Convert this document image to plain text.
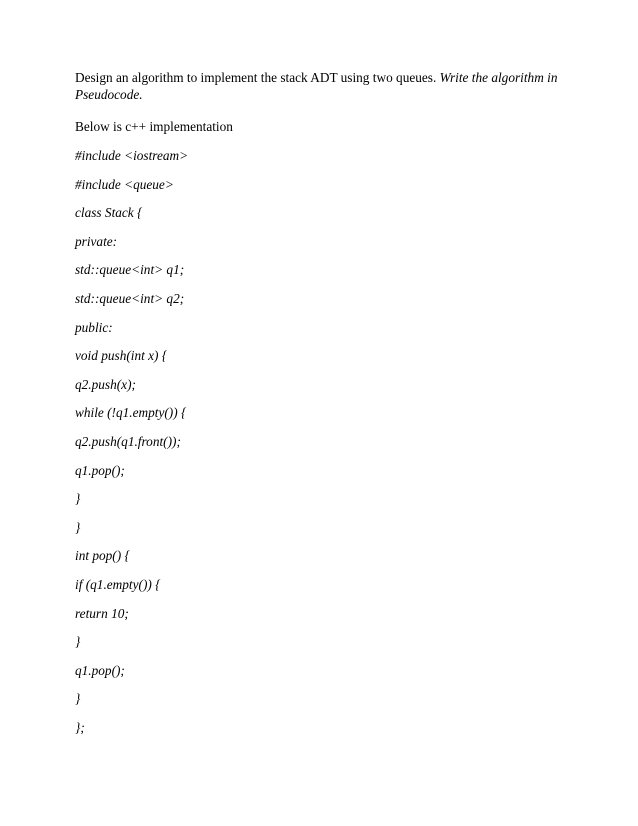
Design an algorithm to implement the stack ADT using two queues. Write the algorithm in Pseudocode.

Below is c++ implementation

#include <iostream>
#include <queue>
class Stack {
private:
std::queue<int> q1;
std::queue<int> q2;
public:
void push(int x) {
q2.push(x);
while (!q1.empty()) {
q2.push(q1.front());
q1.pop();
}
}
int pop() {
if (q1.empty()) {
return 10;
}
q1.pop();
}
};
